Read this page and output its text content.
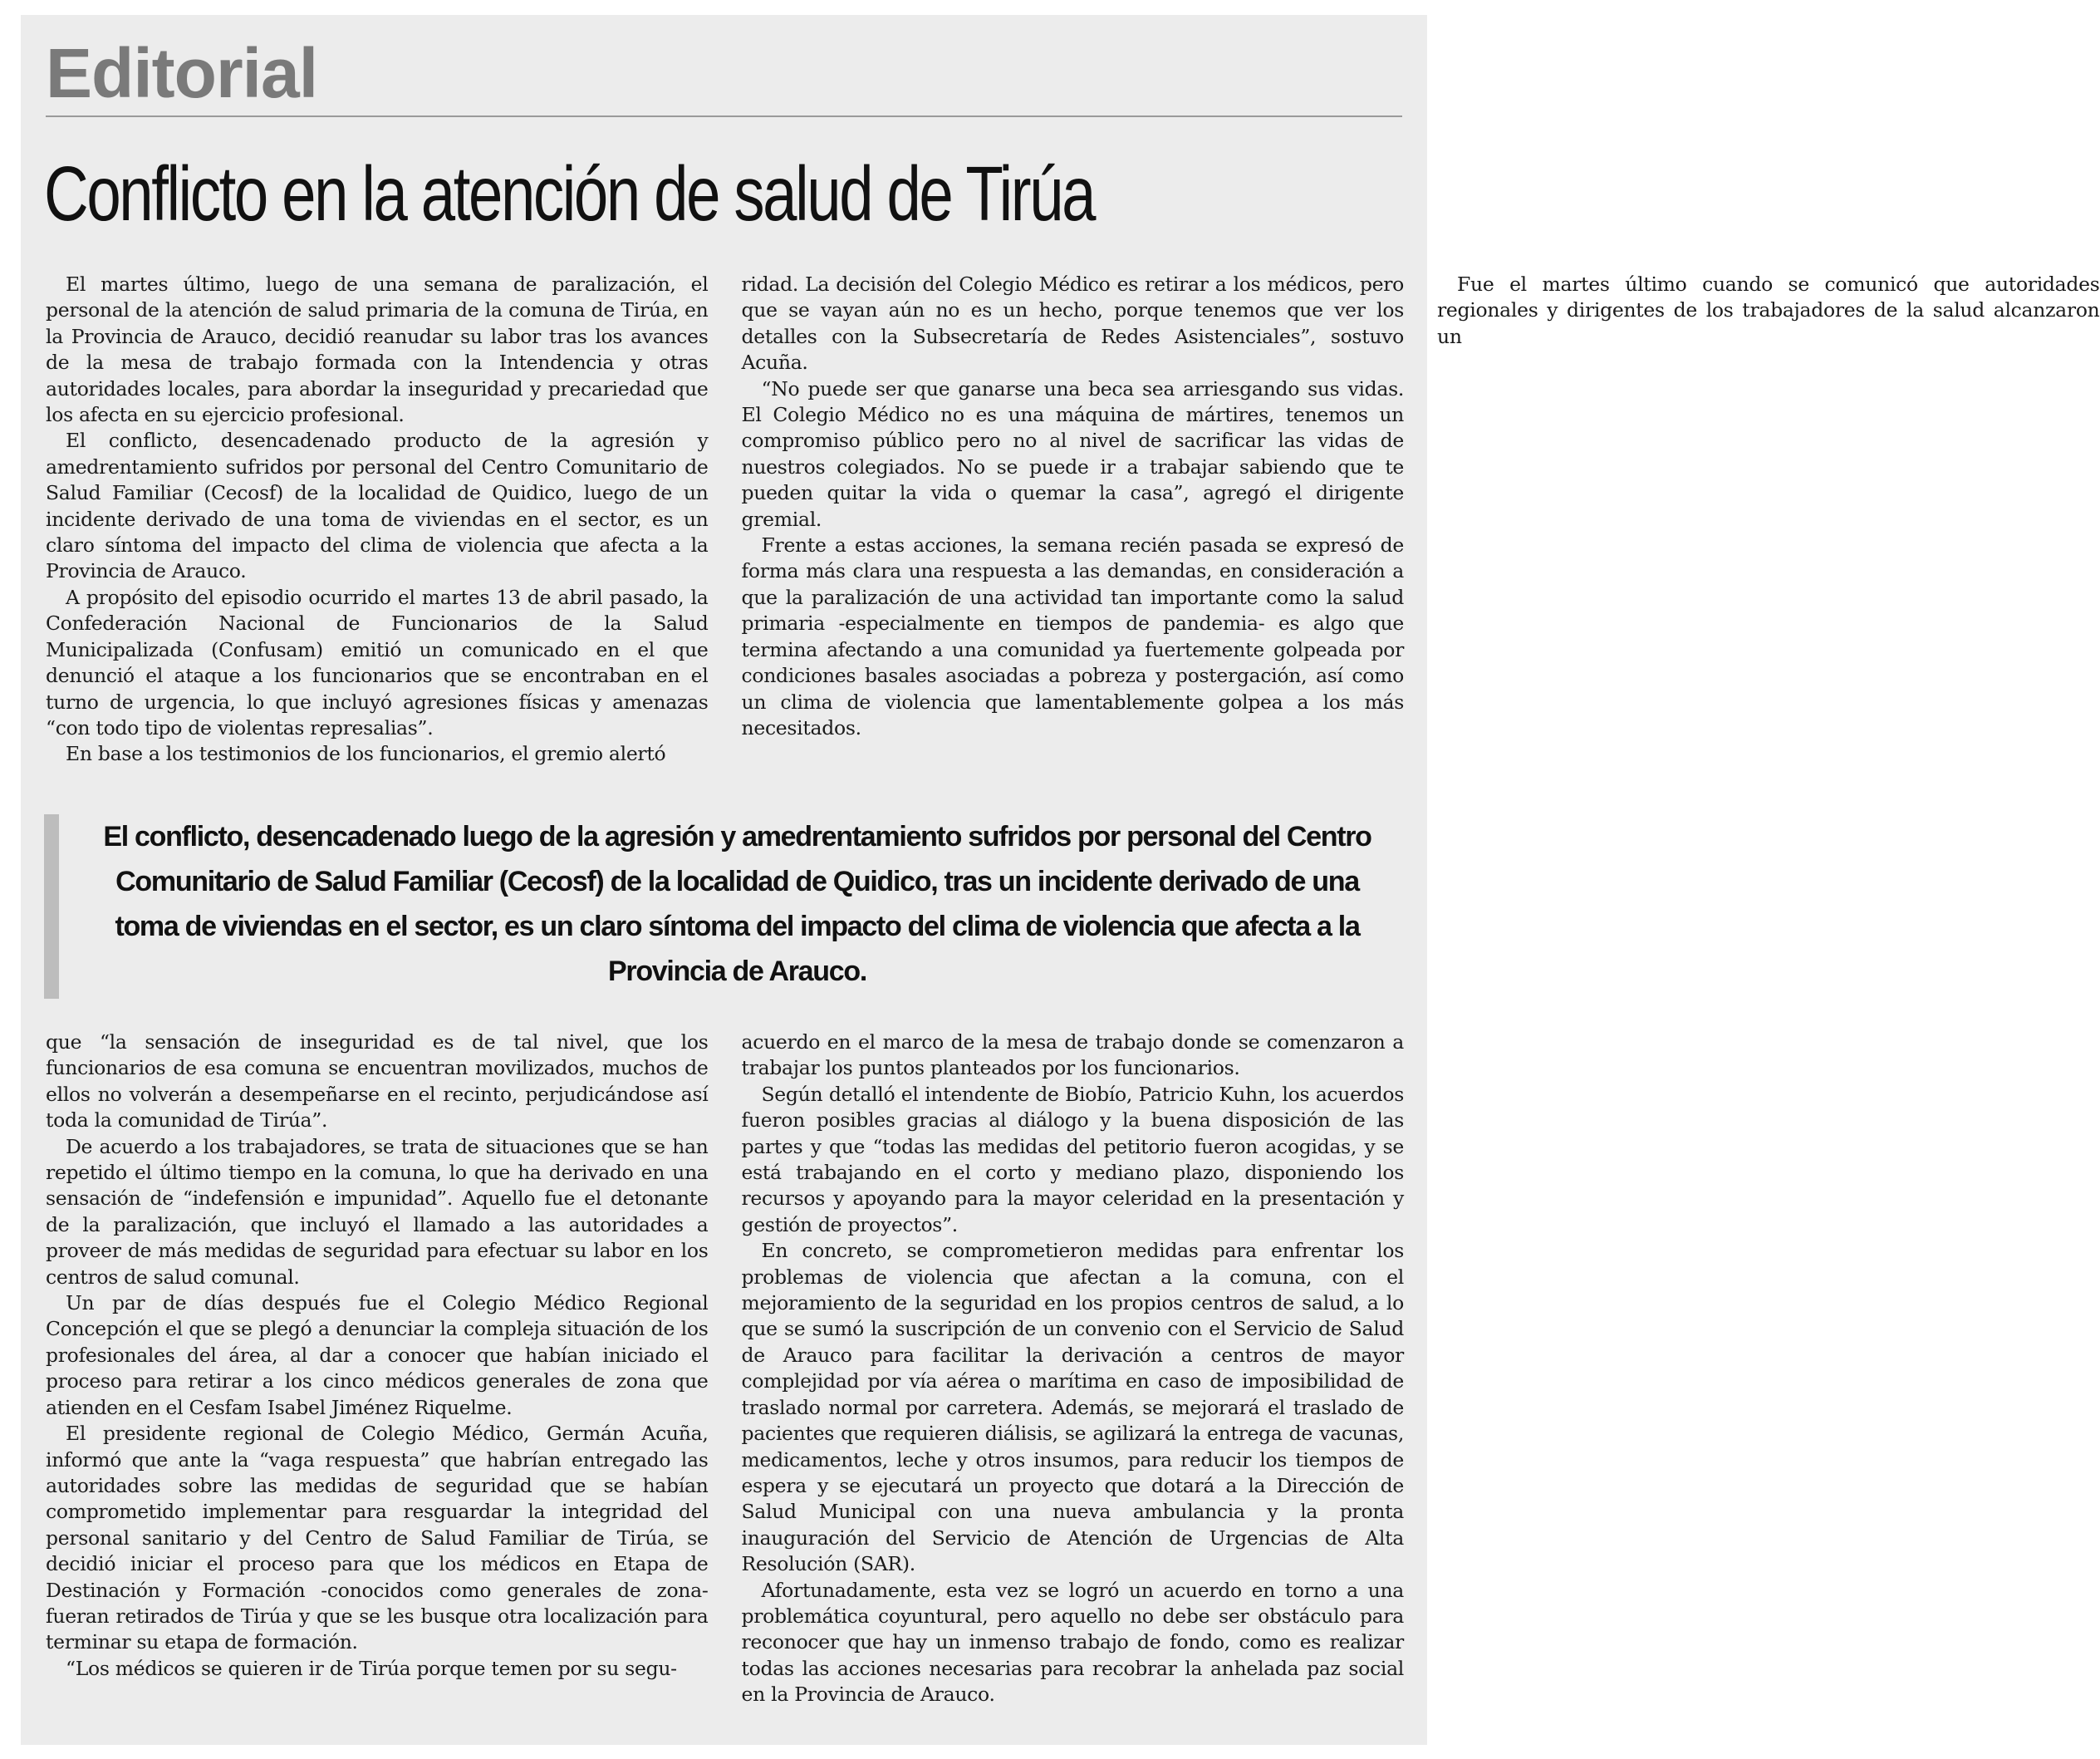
Editorial
Conflicto en la atención de salud de Tirúa

El martes último, luego de una semana de paralización, el personal de la atención de salud primaria de la comuna de Tirúa, en la Provincia de Arauco, decidió reanudar su labor tras los avances de la mesa de trabajo formada con la Intendencia y otras autoridades locales, para abordar la inseguridad y precariedad que los afecta en su ejercicio profesional.

El conflicto, desencadenado producto de la agresión y amedrentamiento sufridos por personal del Centro Comunitario de Salud Familiar (Cecosf) de la localidad de Quidico, luego de un incidente derivado de una toma de viviendas en el sector, es un claro síntoma del impacto del clima de violencia que afecta a la Provincia de Arauco.

A propósito del episodio ocurrido el martes 13 de abril pasado, la Confederación Nacional de Funcionarios de la Salud Municipalizada (Confusam) emitió un comunicado en el que denunció el ataque a los funcionarios que se encontraban en el turno de urgencia, lo que incluyó agresiones físicas y amenazas “con todo tipo de violentas represalias”.

En base a los testimonios de los funcionarios, el gremio alertó

ridad. La decisión del Colegio Médico es retirar a los médicos, pero que se vayan aún no es un hecho, porque tenemos que ver los detalles con la Subsecretaría de Redes Asistenciales”, sostuvo Acuña.

“No puede ser que ganarse una beca sea arriesgando sus vidas. El Colegio Médico no es una máquina de mártires, tenemos un compromiso público pero no al nivel de sacrificar las vidas de nuestros colegiados. No se puede ir a trabajar sabiendo que te pueden quitar la vida o quemar la casa”, agregó el dirigente gremial.

Frente a estas acciones, la semana recién pasada se expresó de forma más clara una respuesta a las demandas, en consideración a que la paralización de una actividad tan importante como la salud primaria -especialmente en tiempos de pandemia- es algo que termina afectando a una comunidad ya fuertemente golpeada por condiciones basales asociadas a pobreza y postergación, así como un clima de violencia que lamentablemente golpea a los más necesitados.

Fue el martes último cuando se comunicó que autoridades regionales y dirigentes de los trabajadores de la salud alcanzaron un

El conflicto, desencadenado luego de la agresión y amedrentamiento sufridos por personal del Centro Comunitario de Salud Familiar (Cecosf) de la localidad de Quidico, tras un incidente derivado de una toma de viviendas en el sector, es un claro síntoma del impacto del clima de violencia que afecta a la Provincia de Arauco.

que “la sensación de inseguridad es de tal nivel, que los funcionarios de esa comuna se encuentran movilizados, muchos de ellos no volverán a desempeñarse en el recinto, perjudicándose así toda la comunidad de Tirúa”.

De acuerdo a los trabajadores, se trata de situaciones que se han repetido el último tiempo en la comuna, lo que ha derivado en una sensación de “indefensión e impunidad”. Aquello fue el detonante de la paralización, que incluyó el llamado a las autoridades a proveer de más medidas de seguridad para efectuar su labor en los centros de salud comunal.

Un par de días después fue el Colegio Médico Regional Concepción el que se plegó a denunciar la compleja situación de los profesionales del área, al dar a conocer que habían iniciado el proceso para retirar a los cinco médicos generales de zona que atienden en el Cesfam Isabel Jiménez Riquelme.

El presidente regional de Colegio Médico, Germán Acuña, informó que ante la “vaga respuesta” que habrían entregado las autoridades sobre las medidas de seguridad que se habían comprometido implementar para resguardar la integridad del personal sanitario y del Centro de Salud Familiar de Tirúa, se decidió iniciar el proceso para que los médicos en Etapa de Destinación y Formación -conocidos como generales de zona- fueran retirados de Tirúa y que se les busque otra localización para terminar su etapa de formación.

“Los médicos se quieren ir de Tirúa porque temen por su segu-

acuerdo en el marco de la mesa de trabajo donde se comenzaron a trabajar los puntos planteados por los funcionarios.

Según detalló el intendente de Biobío, Patricio Kuhn, los acuerdos fueron posibles gracias al diálogo y la buena disposición de las partes y que “todas las medidas del petitorio fueron acogidas, y se está trabajando en el corto y mediano plazo, disponiendo los recursos y apoyando para la mayor celeridad en la presentación y gestión de proyectos”.

En concreto, se comprometieron medidas para enfrentar los problemas de violencia que afectan a la comuna, con el mejoramiento de la seguridad en los propios centros de salud, a lo que se sumó la suscripción de un convenio con el Servicio de Salud de Arauco para facilitar la derivación a centros de mayor complejidad por vía aérea o marítima en caso de imposibilidad de traslado normal por carretera. Además, se mejorará el traslado de pacientes que requieren diálisis, se agilizará la entrega de vacunas, medicamentos, leche y otros insumos, para reducir los tiempos de espera y se ejecutará un proyecto que dotará a la Dirección de Salud Municipal con una nueva ambulancia y la pronta inauguración del Servicio de Atención de Urgencias de Alta Resolución (SAR).

Afortunadamente, esta vez se logró un acuerdo en torno a una problemática coyuntural, pero aquello no debe ser obstáculo para reconocer que hay un inmenso trabajo de fondo, como es realizar todas las acciones necesarias para recobrar la anhelada paz social en la Provincia de Arauco.
